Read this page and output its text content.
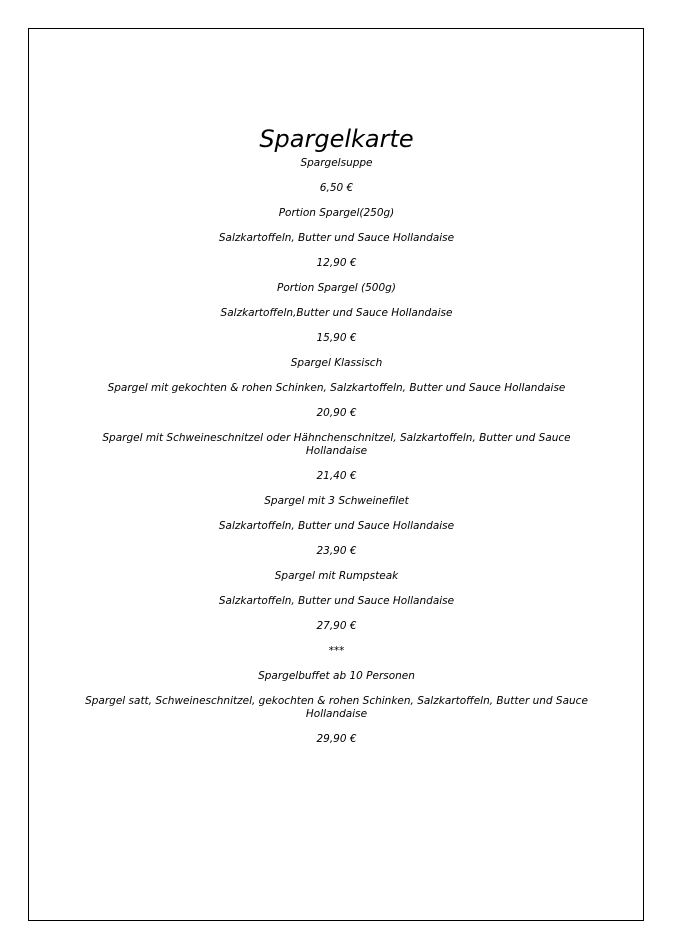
Spargelkarte
Spargelsuppe
6,50 €
Portion Spargel(250g)
Salzkartoffeln, Butter und Sauce Hollandaise
12,90 €
Portion Spargel (500g)
Salzkartoffeln,Butter und Sauce Hollandaise
15,90 €
Spargel Klassisch
Spargel mit gekochten & rohen Schinken, Salzkartoffeln, Butter und Sauce Hollandaise
20,90 €
Spargel mit Schweineschnitzel oder Hähnchenschnitzel, Salzkartoffeln, Butter und Sauce Hollandaise
21,40 €
Spargel mit 3 Schweinefilet
Salzkartoffeln, Butter und Sauce Hollandaise
23,90 €
Spargel mit Rumpsteak
Salzkartoffeln, Butter und Sauce Hollandaise
27,90 €
***
Spargelbuffet ab 10 Personen
Spargel satt, Schweineschnitzel, gekochten & rohen Schinken, Salzkartoffeln, Butter und Sauce Hollandaise
29,90 €
